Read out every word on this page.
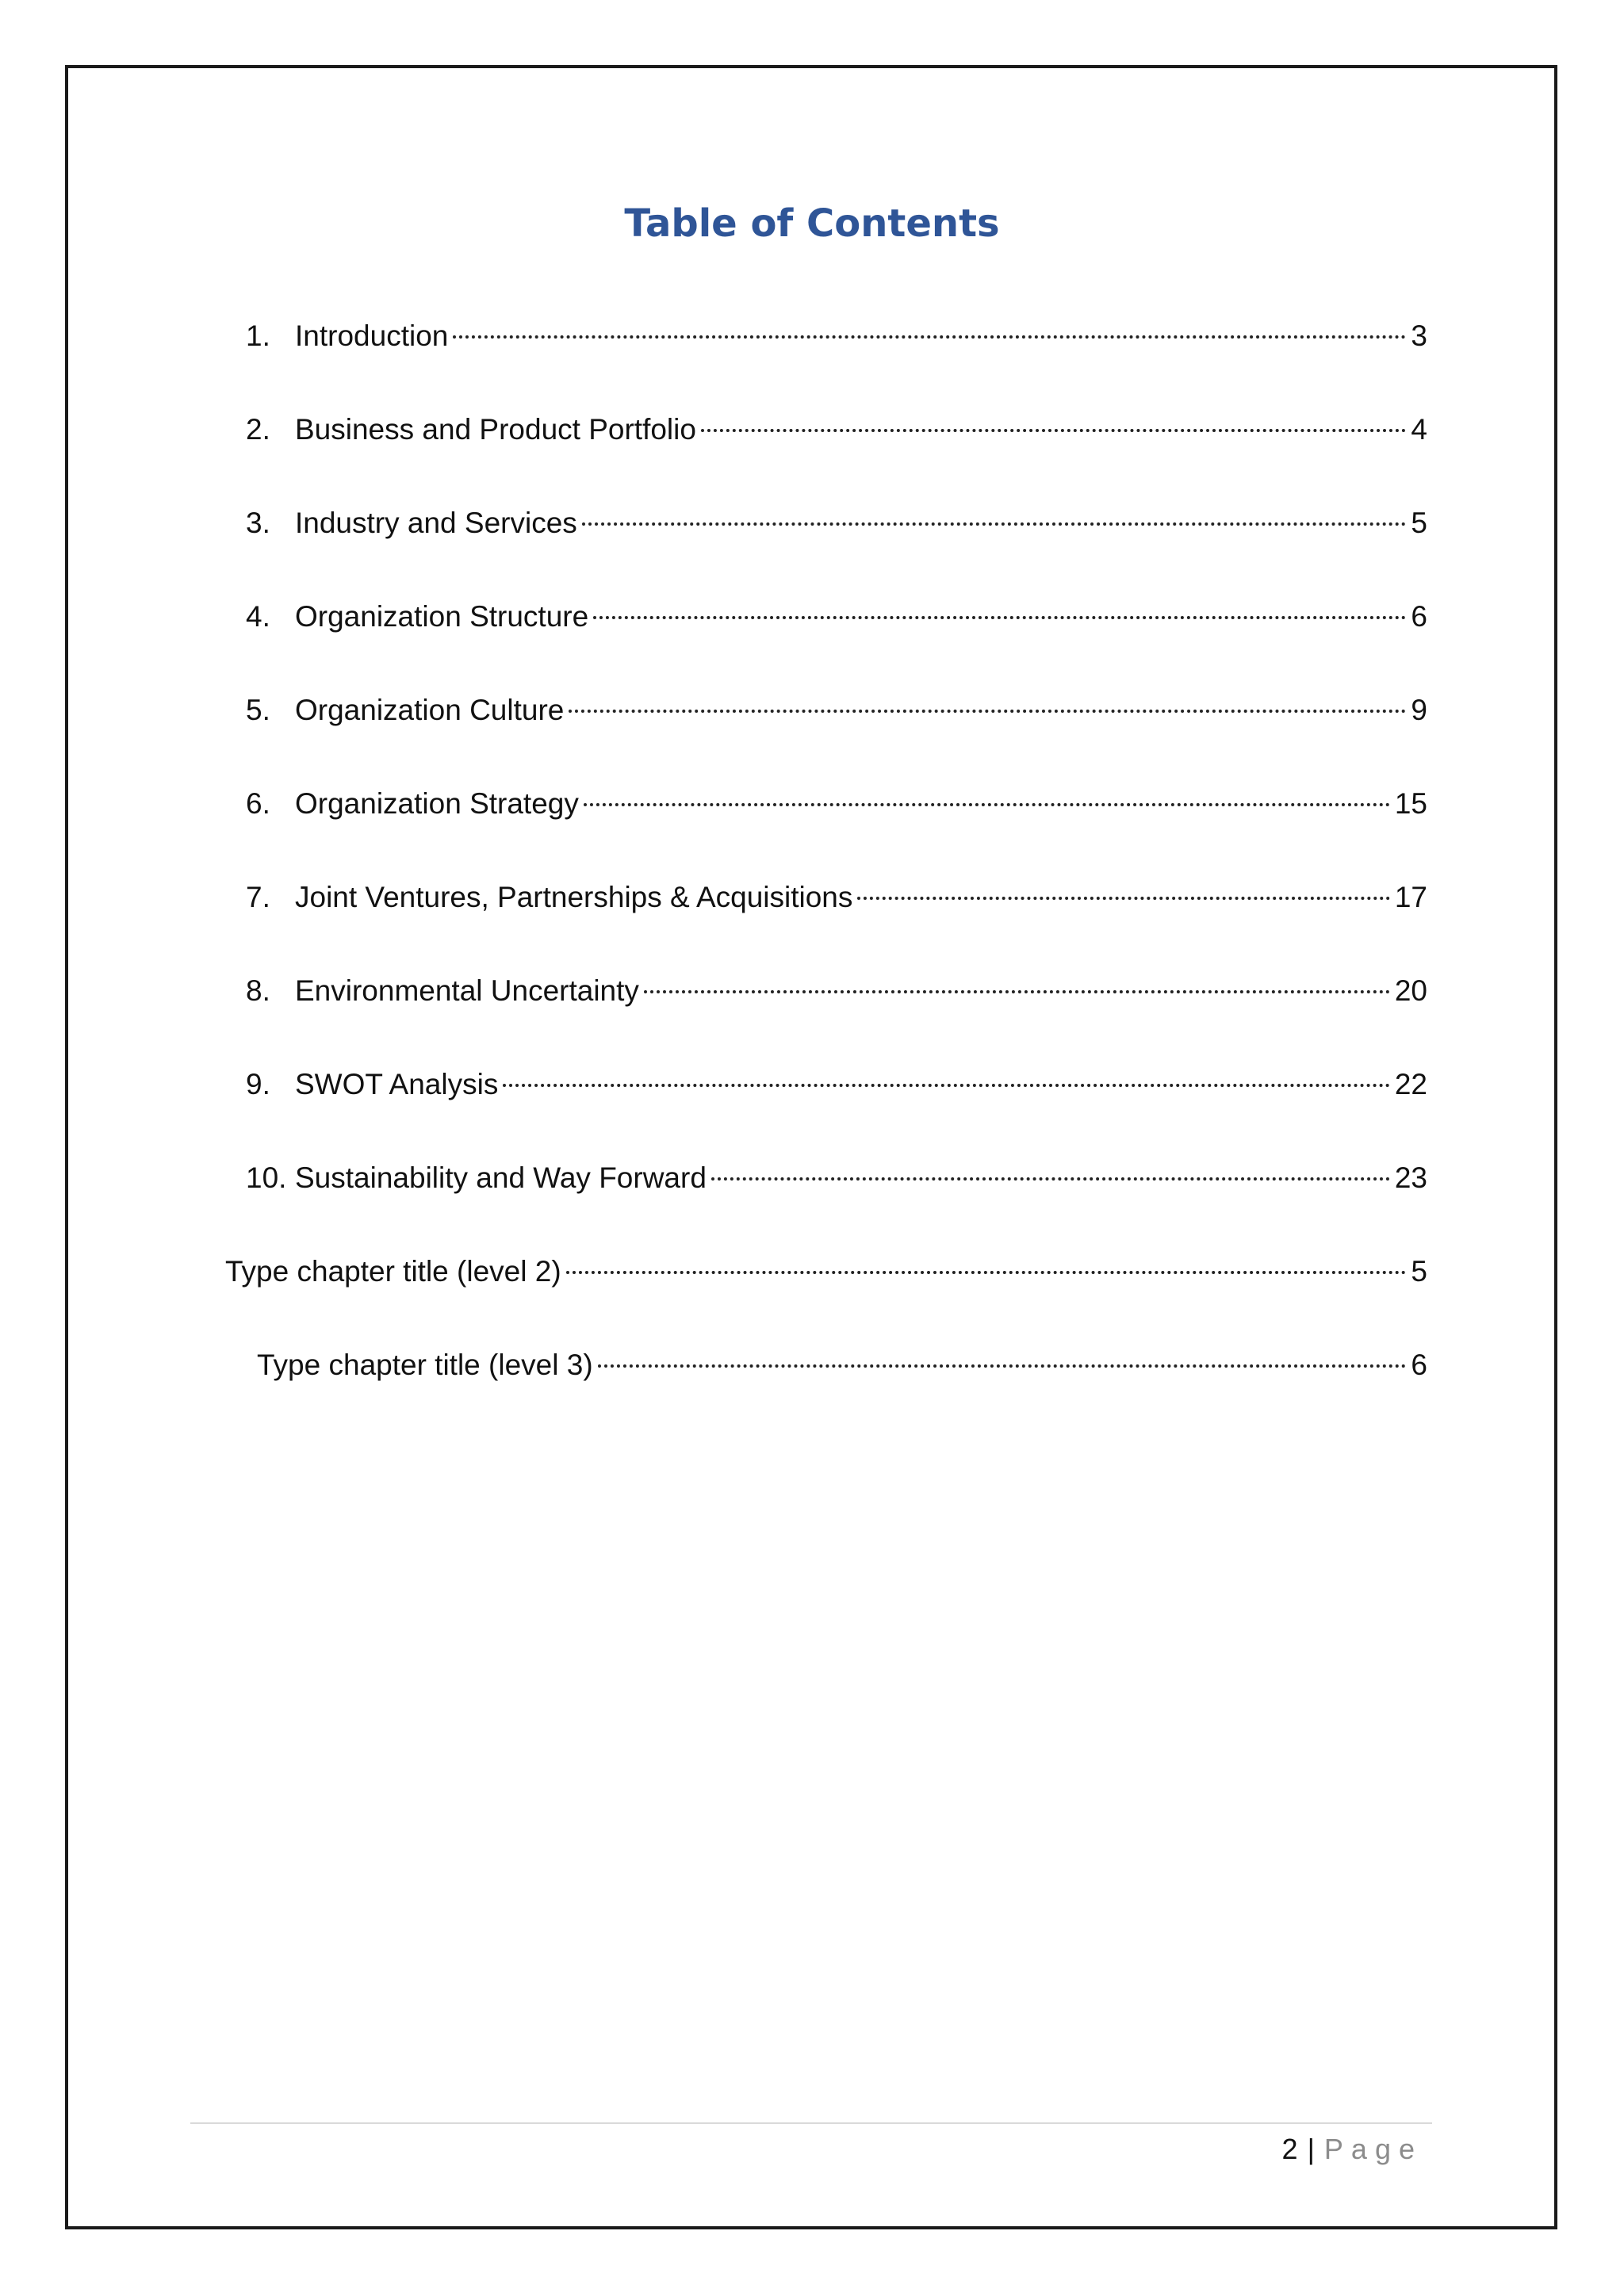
Table of Contents
1. Introduction	3
2. Business and Product Portfolio	4
3. Industry and Services	5
4. Organization Structure	6
5. Organization Culture	9
6. Organization Strategy	15
7. Joint Ventures, Partnerships & Acquisitions	17
8. Environmental Uncertainty	20
9. SWOT Analysis	22
10. Sustainability and Way Forward	23
Type chapter title (level 2)	5
Type chapter title (level 3)	6
2 | Page
